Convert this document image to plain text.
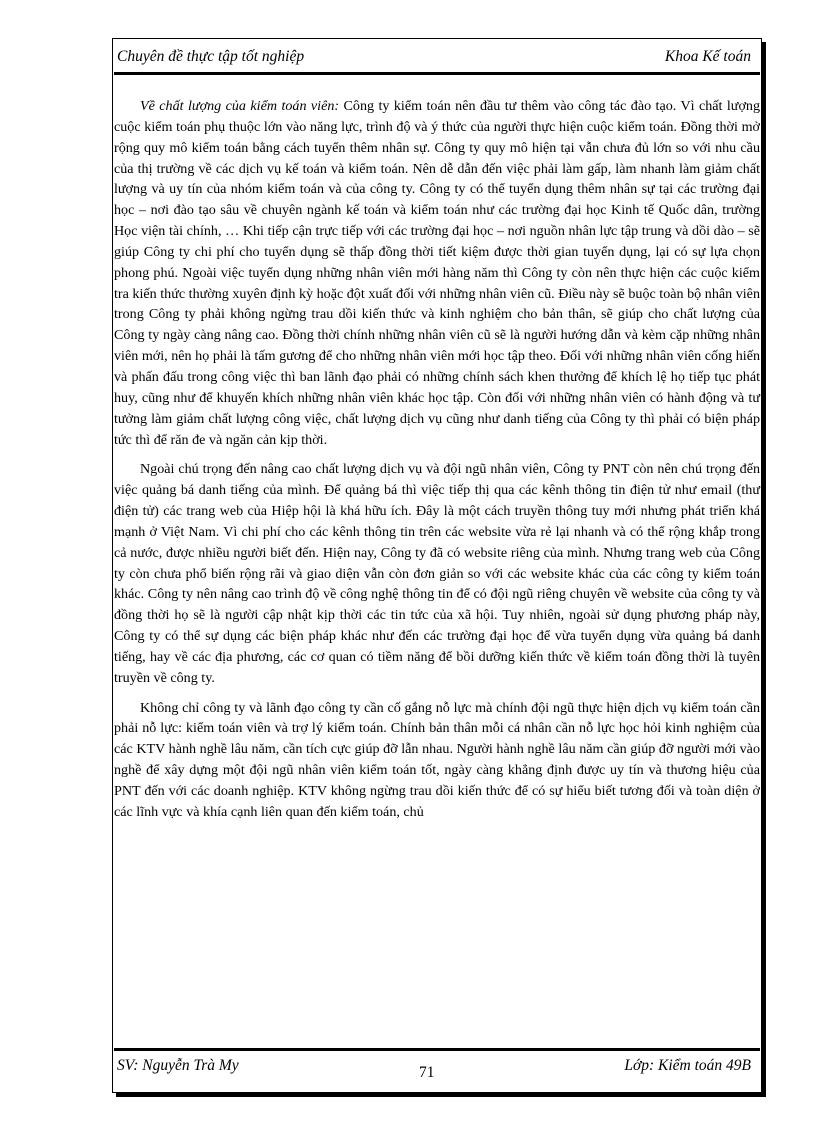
Chuyên đề thực tập tốt nghiệp	Khoa Kế toán

Về chất lượng của kiểm toán viên: Công ty kiểm toán nên đầu tư thêm vào công tác đào tạo. Vì chất lượng cuộc kiểm toán phụ thuộc lớn vào năng lực, trình độ và ý thức của người thực hiện cuộc kiểm toán. Đồng thời mở rộng quy mô kiểm toán bằng cách tuyển thêm nhân sự. Công ty quy mô hiện tại vẫn chưa đủ lớn so với nhu cầu của thị trường về các dịch vụ kế toán và kiểm toán. Nên dễ dẫn đến việc phải làm gấp, làm nhanh làm giảm chất lượng và uy tín của nhóm kiểm toán và của công ty. Công ty có thể tuyển dụng thêm nhân sự tại các trường đại học – nơi đào tạo sâu về chuyên ngành kế toán và kiểm toán như các trường đại học Kinh tế Quốc dân, trường Học viện tài chính, … Khi tiếp cận trực tiếp với các trường đại học – nơi nguồn nhân lực tập trung và dồi dào – sẽ giúp Công ty chi phí cho tuyển dụng sẽ thấp đồng thời tiết kiệm được thời gian tuyển dụng, lại có sự lựa chọn phong phú. Ngoài việc tuyển dụng những nhân viên mới hàng năm thì Công ty còn nên thực hiện các cuộc kiểm tra kiến thức thường xuyên định kỳ hoặc đột xuất đối với những nhân viên cũ. Điều này sẽ buộc toàn bộ nhân viên trong Công ty phải không ngừng trau dồi kiến thức và kinh nghiệm cho bản thân, sẽ giúp cho chất lượng của Công ty ngày càng nâng cao. Đồng thời chính những nhân viên cũ sẽ là người hướng dẫn và kèm cặp những nhân viên mới, nên họ phải là tấm gương để cho những nhân viên mới học tập theo. Đối với những nhân viên cống hiến và phấn đấu trong công việc thì ban lãnh đạo phải có những chính sách khen thưởng để khích lệ họ tiếp tục phát huy, cũng như để khuyến khích những nhân viên khác học tập. Còn đối với những nhân viên có hành động và tư tưởng làm giảm chất lượng công việc, chất lượng dịch vụ cũng như danh tiếng của Công ty thì phải có biện pháp tức thì để răn đe và ngăn cản kịp thời.

Ngoài chú trọng đến nâng cao chất lượng dịch vụ và đội ngũ nhân viên, Công ty PNT còn nên chú trọng đến việc quảng bá danh tiếng của mình. Để quảng bá thì việc tiếp thị qua các kênh thông tin điện tử như email (thư điện tử) các trang web của Hiệp hội là khá hữu ích. Đây là một cách truyền thông tuy mới nhưng phát triển khá mạnh ở Việt Nam. Vì chi phí cho các kênh thông tin trên các website vừa rẻ lại nhanh và có thể rộng khắp trong cả nước, được nhiều người biết đến. Hiện nay, Công ty đã có website riêng của mình. Nhưng trang web của Công ty còn chưa phổ biến rộng rãi và giao diện vẫn còn đơn giản so với các website khác của các công ty kiểm toán khác. Công ty nên nâng cao trình độ về công nghệ thông tin để có đội ngũ riêng chuyên về website của công ty và đồng thời họ sẽ là người cập nhật kịp thời các tin tức của xã hội. Tuy nhiên, ngoài sử dụng phương pháp này, Công ty có thể sự dụng các biện pháp khác như đến các trường đại học để vừa tuyển dụng vừa quảng bá danh tiếng, hay về các địa phương, các cơ quan có tiềm năng để bồi dưỡng kiến thức về kiểm toán đồng thời là tuyên truyền về công ty.

Không chỉ công ty và lãnh đạo công ty cần cố gắng nỗ lực mà chính đội ngũ thực hiện dịch vụ kiểm toán cần phải nỗ lực: kiểm toán viên và trợ lý kiểm toán. Chính bản thân mỗi cá nhân cần nỗ lực học hỏi kinh nghiệm của các KTV hành nghề lâu năm, cần tích cực giúp đỡ lẫn nhau. Người hành nghề lâu năm cần giúp đỡ người mới vào nghề để xây dựng một đội ngũ nhân viên kiểm toán tốt, ngày càng khẳng định được uy tín và thương hiệu của PNT đến với các doanh nghiệp. KTV không ngừng trau dồi kiến thức để có sự hiểu biết tương đối và toàn diện ở các lĩnh vực và khía cạnh liên quan đến kiểm toán, chủ

SV: Nguyễn Trà My	71	Lớp: Kiểm toán 49B
